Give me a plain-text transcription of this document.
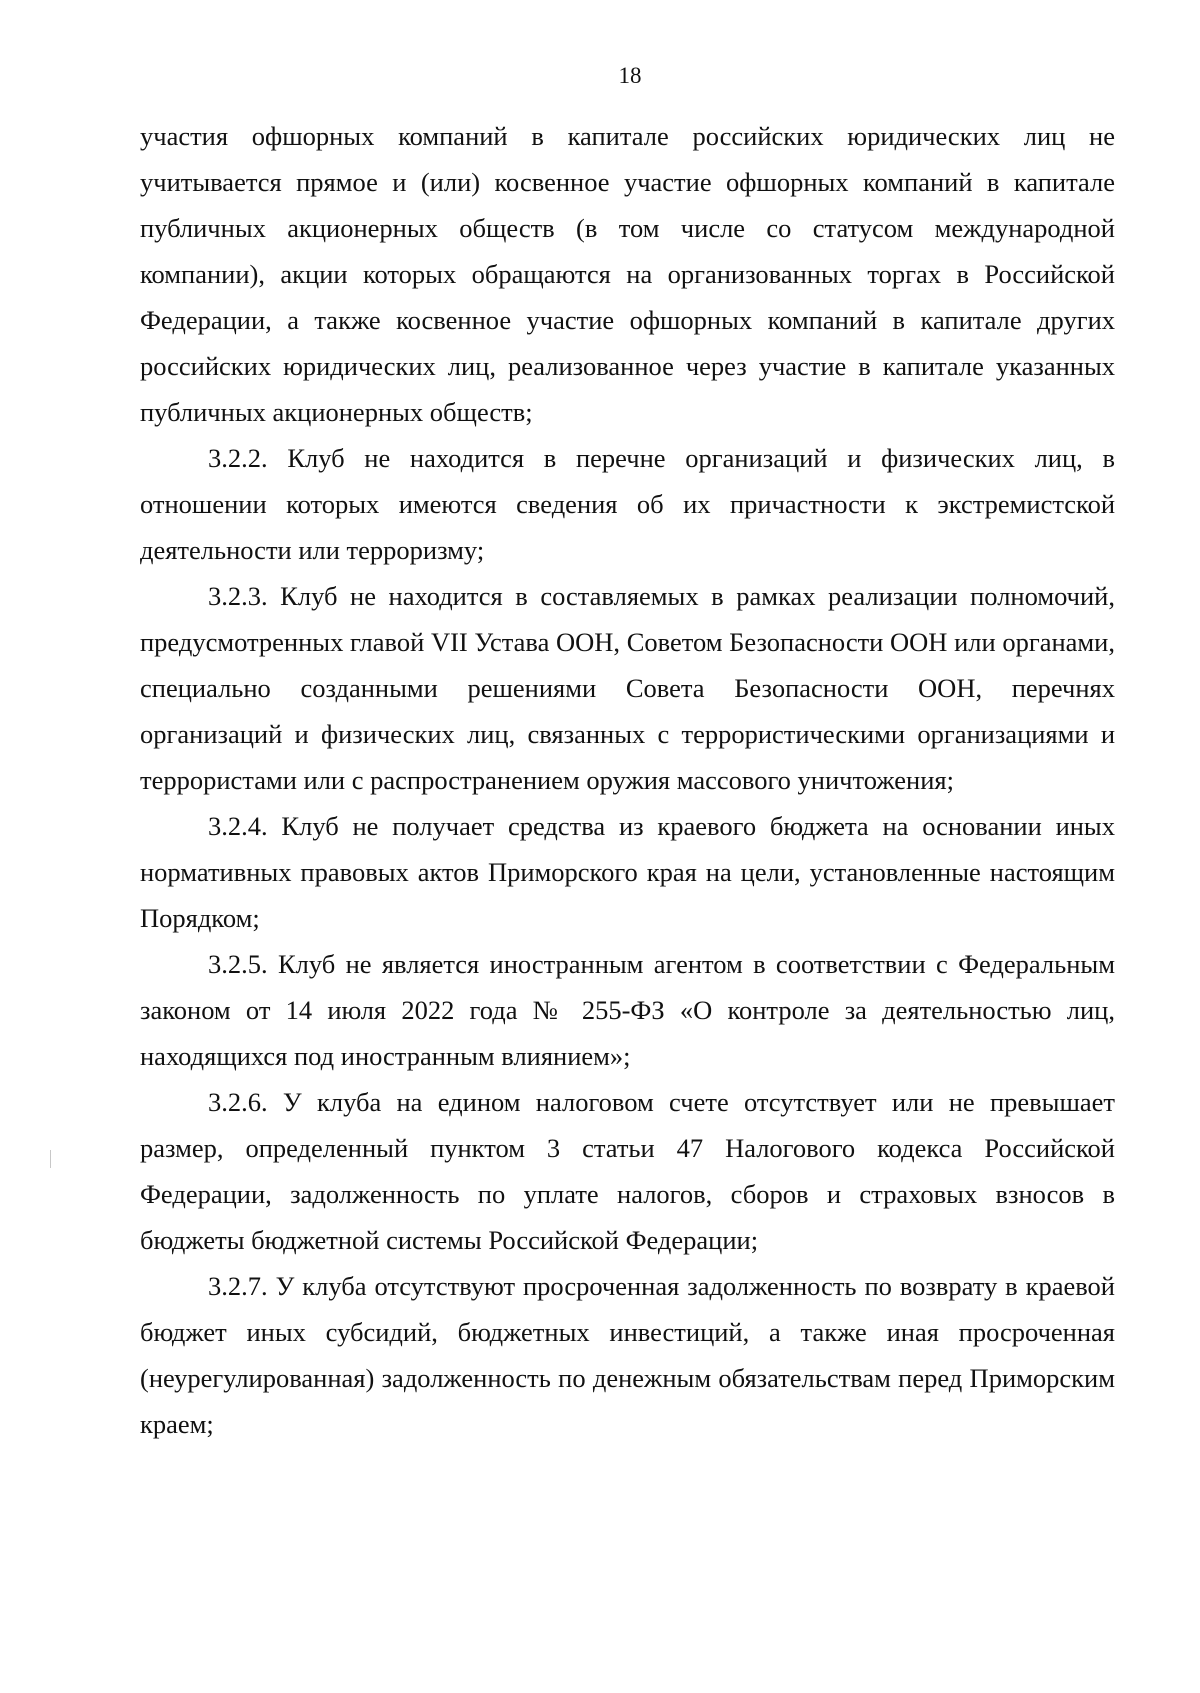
18

участия офшорных компаний в капитале российских юридических лиц не учитывается прямое и (или) косвенное участие офшорных компаний в капитале публичных акционерных обществ (в том числе со статусом международной компании), акции которых обращаются на организованных торгах в Российской Федерации, а также косвенное участие офшорных компаний в капитале других российских юридических лиц, реализованное через участие в капитале указанных публичных акционерных обществ;

3.2.2. Клуб не находится в перечне организаций и физических лиц, в отношении которых имеются сведения об их причастности к экстремистской деятельности или терроризму;

3.2.3. Клуб не находится в составляемых в рамках реализации полномочий, предусмотренных главой VII Устава ООН, Советом Безопасности ООН или органами, специально созданными решениями Совета Безопасности ООН, перечнях организаций и физических лиц, связанных с террористическими организациями и террористами или с распространением оружия массового уничтожения;

3.2.4. Клуб не получает средства из краевого бюджета на основании иных нормативных правовых актов Приморского края на цели, установленные настоящим Порядком;

3.2.5. Клуб не является иностранным агентом в соответствии с Федеральным законом от 14 июля 2022 года № 255-ФЗ «О контроле за деятельностью лиц, находящихся под иностранным влиянием»;

3.2.6. У клуба на едином налоговом счете отсутствует или не превышает размер, определенный пунктом 3 статьи 47 Налогового кодекса Российской Федерации, задолженность по уплате налогов, сборов и страховых взносов в бюджеты бюджетной системы Российской Федерации;

3.2.7. У клуба отсутствуют просроченная задолженность по возврату в краевой бюджет иных субсидий, бюджетных инвестиций, а также иная просроченная (неурегулированная) задолженность по денежным обязательствам перед Приморским краем;
